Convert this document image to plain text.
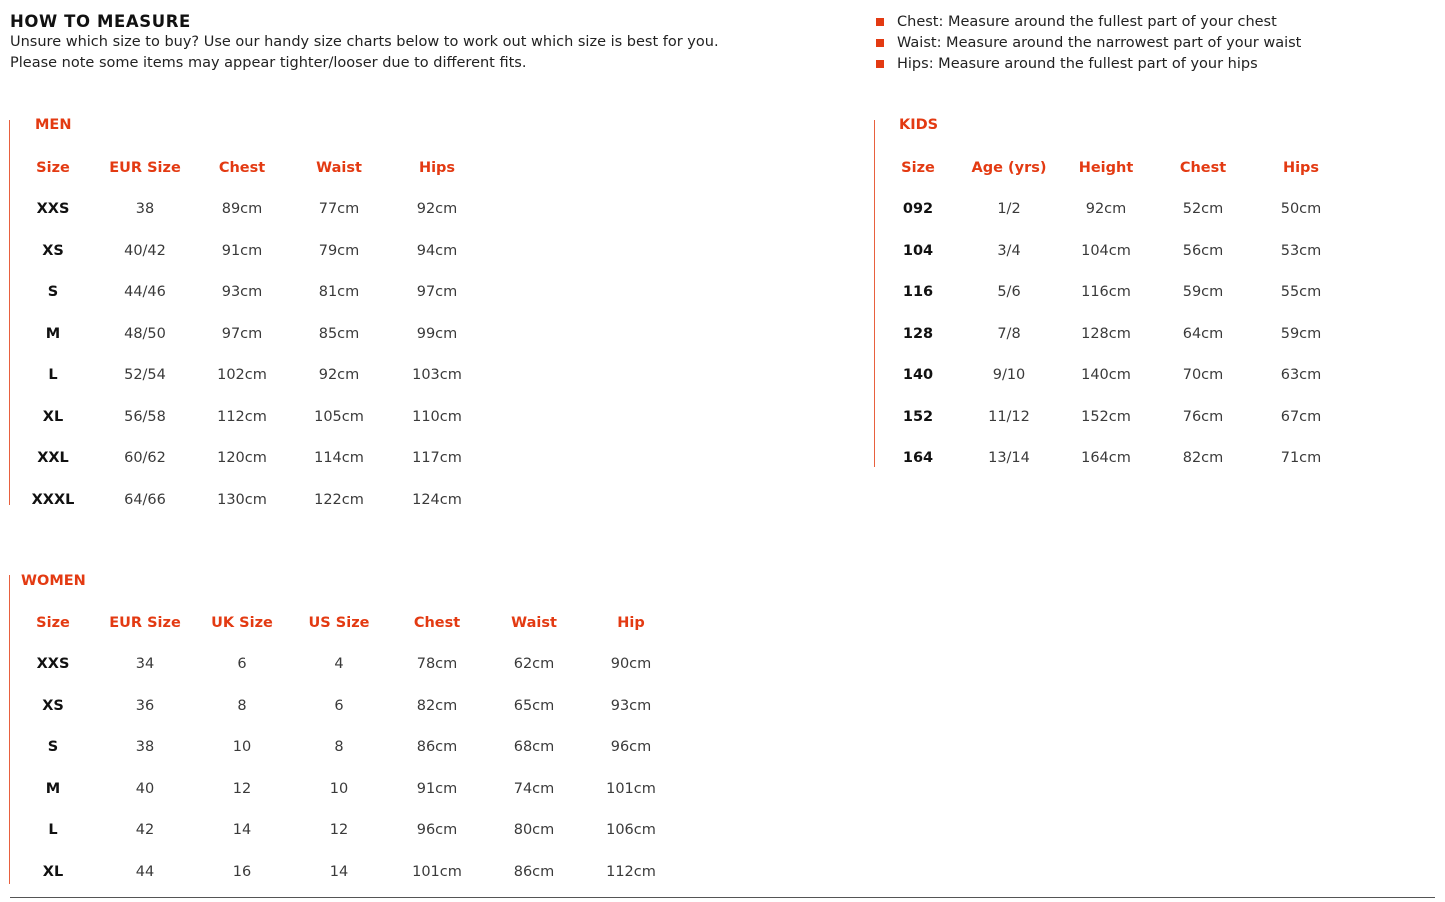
HOW TO MEASURE

Unsure which size to buy? Use our handy size charts below to work out which size is best for you.

Please note some items may appear tighter/looser due to different fits.

Chest: Measure around the fullest part of your chest
Waist: Measure around the narrowest part of your waist
Hips: Measure around the fullest part of your hips
MEN
Size	EUR Size	Chest	Waist	Hips
XXS	38	89cm	77cm	92cm
XS	40/42	91cm	79cm	94cm
S	44/46	93cm	81cm	97cm
M	48/50	97cm	85cm	99cm
L	52/54	102cm	92cm	103cm
XL	56/58	112cm	105cm	110cm
XXL	60/62	120cm	114cm	117cm
XXXL	64/66	130cm	122cm	124cm
KIDS
Size	Age (yrs)	Height	Chest	Hips
092	1/2	92cm	52cm	50cm
104	3/4	104cm	56cm	53cm
116	5/6	116cm	59cm	55cm
128	7/8	128cm	64cm	59cm
140	9/10	140cm	70cm	63cm
152	11/12	152cm	76cm	67cm
164	13/14	164cm	82cm	71cm
WOMEN
Size	EUR Size	UK Size	US Size	Chest	Waist	Hip
XXS	34	6	4	78cm	62cm	90cm
XS	36	8	6	82cm	65cm	93cm
S	38	10	8	86cm	68cm	96cm
M	40	12	10	91cm	74cm	101cm
L	42	14	12	96cm	80cm	106cm
XL	44	16	14	101cm	86cm	112cm
